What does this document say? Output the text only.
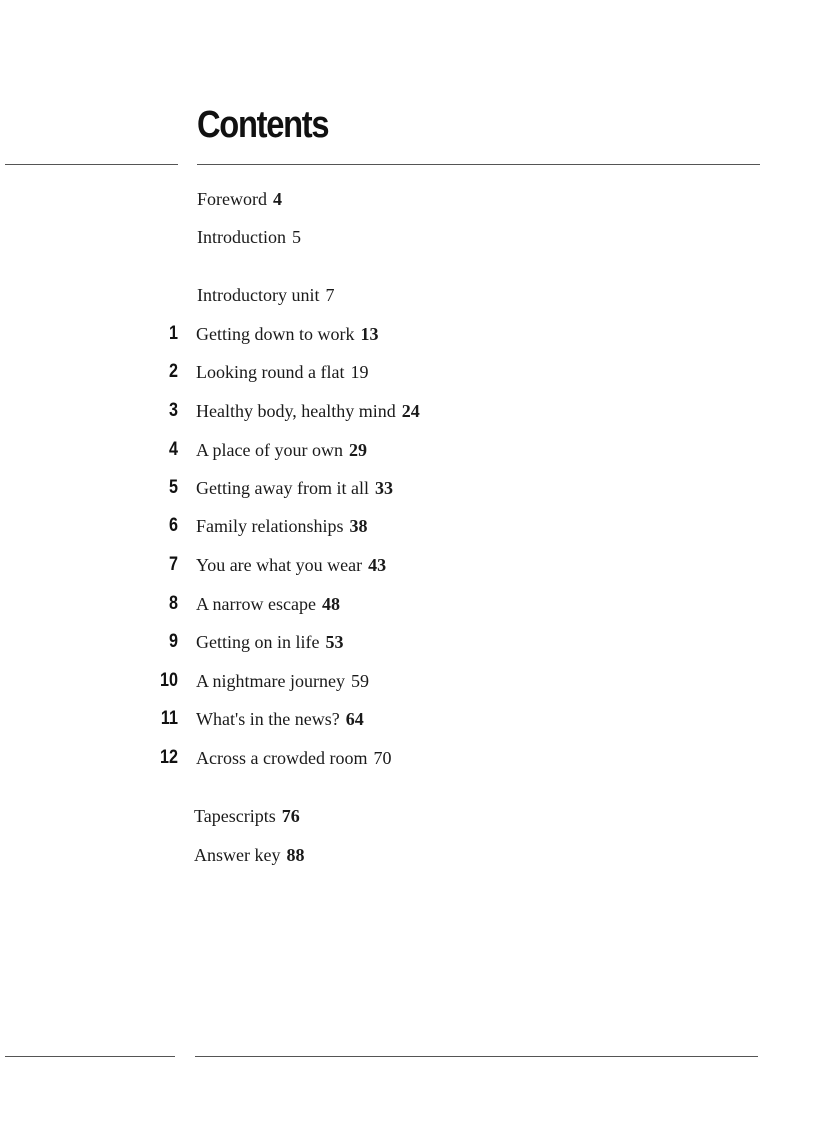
Contents
Foreword 4
Introduction 5
Introductory unit 7
1 Getting down to work 13
2 Looking round a flat 19
3 Healthy body, healthy mind 24
4 A place of your own 29
5 Getting away from it all 33
6 Family relationships 38
7 You are what you wear 43
8 A narrow escape 48
9 Getting on in life 53
10 A nightmare journey 59
11 What's in the news? 64
12 Across a crowded room 70
Tapescripts 76
Answer key 88
